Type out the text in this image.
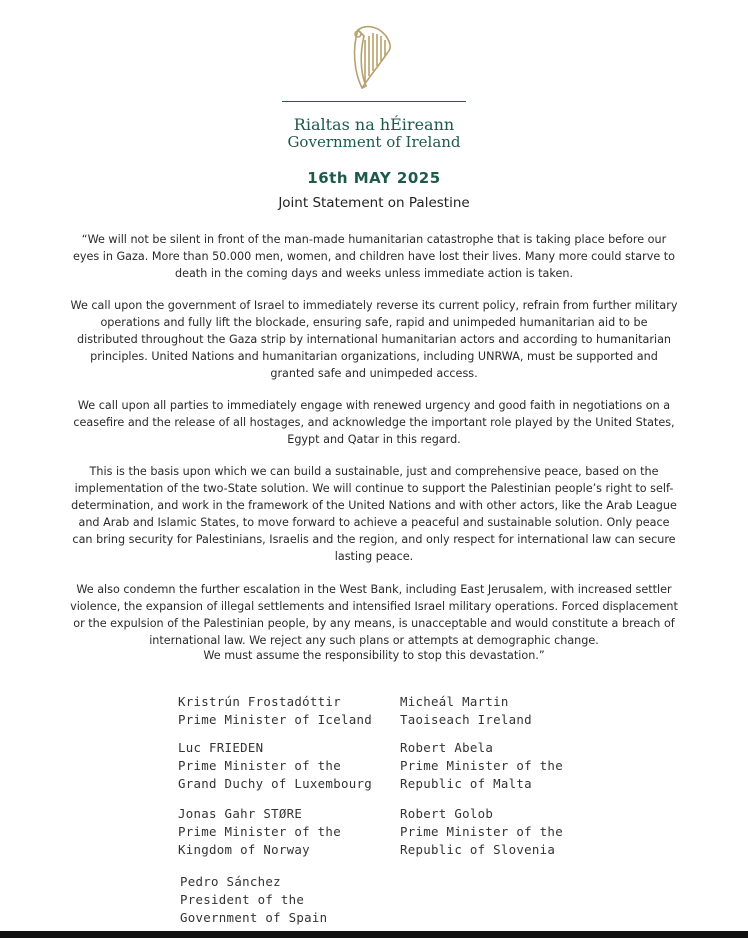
Rialtas na hÉireann
Government of Ireland
16th MAY 2025
Joint Statement on Palestine

“We will not be silent in front of the man-made humanitarian catastrophe that is taking place before our eyes in Gaza. More than 50.000 men, women, and children have lost their lives. Many more could starve to death in the coming days and weeks unless immediate action is taken.

We call upon the government of Israel to immediately reverse its current policy, refrain from further military operations and fully lift the blockade, ensuring safe, rapid and unimpeded humanitarian aid to be distributed throughout the Gaza strip by international humanitarian actors and according to humanitarian principles. United Nations and humanitarian organizations, including UNRWA, must be supported and granted safe and unimpeded access.

We call upon all parties to immediately engage with renewed urgency and good faith in negotiations on a ceasefire and the release of all hostages, and acknowledge the important role played by the United States, Egypt and Qatar in this regard.

This is the basis upon which we can build a sustainable, just and comprehensive peace, based on the implementation of the two-State solution. We will continue to support the Palestinian people’s right to self-determination, and work in the framework of the United Nations and with other actors, like the Arab League and Arab and Islamic States, to move forward to achieve a peaceful and sustainable solution. Only peace can bring security for Palestinians, Israelis and the region, and only respect for international law can secure lasting peace.

We also condemn the further escalation in the West Bank, including East Jerusalem, with increased settler violence, the expansion of illegal settlements and intensified Israel military operations. Forced displacement or the expulsion of the Palestinian people, by any means, is unacceptable and would constitute a breach of international law. We reject any such plans or attempts at demographic change.

We must assume the responsibility to stop this devastation.”

Kristrún Frostadóttir
Prime Minister of Iceland
Micheál Martin
Taoiseach Ireland
Luc FRIEDEN
Prime Minister of the
Grand Duchy of Luxembourg
Robert Abela
Prime Minister of the
Republic of Malta
Jonas Gahr STØRE
Prime Minister of the
Kingdom of Norway
Robert Golob
Prime Minister of the
Republic of Slovenia
Pedro Sánchez
President of the
Government of Spain
